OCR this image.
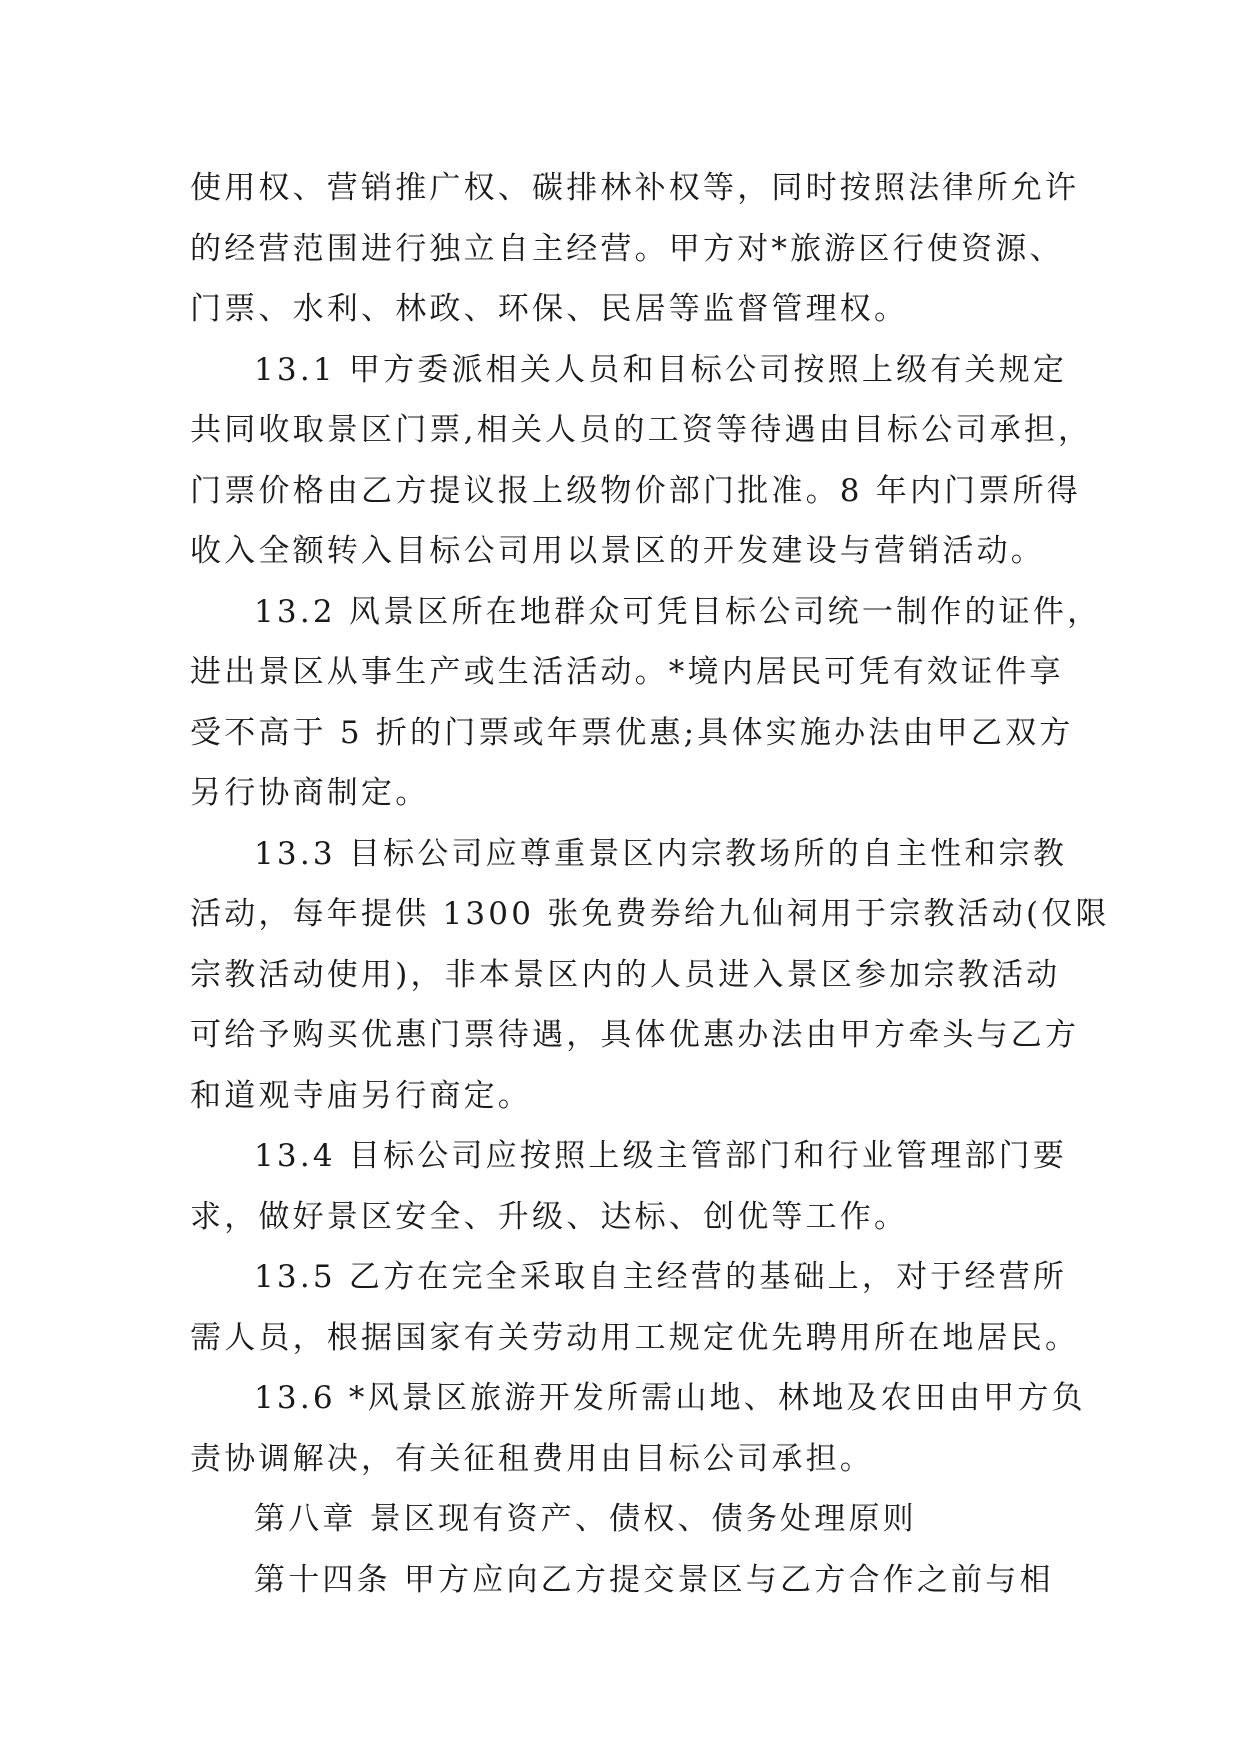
使用权、营销推广权、碳排林补权等，同时按照法律所允许
的经营范围进行独立自主经营。甲方对*旅游区行使资源、
门票、水利、林政、环保、民居等监督管理权。

13.1 甲方委派相关人员和目标公司按照上级有关规定
共同收取景区门票,相关人员的工资等待遇由目标公司承担，
门票价格由乙方提议报上级物价部门批准。8 年内门票所得
收入全额转入目标公司用以景区的开发建设与营销活动。

13.2 风景区所在地群众可凭目标公司统一制作的证件，
进出景区从事生产或生活活动。*境内居民可凭有效证件享
受不高于 5 折的门票或年票优惠;具体实施办法由甲乙双方
另行协商制定。

13.3 目标公司应尊重景区内宗教场所的自主性和宗教
活动，每年提供 1300 张免费券给九仙祠用于宗教活动(仅限
宗教活动使用)，非本景区内的人员进入景区参加宗教活动
可给予购买优惠门票待遇，具体优惠办法由甲方牵头与乙方
和道观寺庙另行商定。

13.4 目标公司应按照上级主管部门和行业管理部门要
求，做好景区安全、升级、达标、创优等工作。

13.5 乙方在完全采取自主经营的基础上，对于经营所
需人员，根据国家有关劳动用工规定优先聘用所在地居民。

13.6 *风景区旅游开发所需山地、林地及农田由甲方负
责协调解决，有关征租费用由目标公司承担。

第八章 景区现有资产、债权、债务处理原则

第十四条 甲方应向乙方提交景区与乙方合作之前与相
